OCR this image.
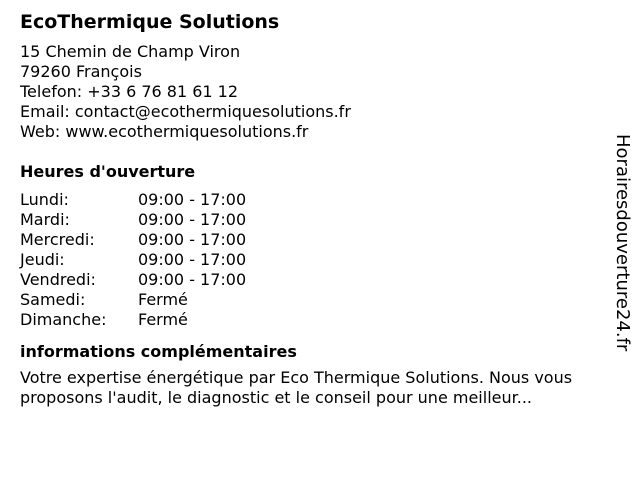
EcoThermique Solutions
15 Chemin de Champ Viron
79260 François
Telefon: +33 6 76 81 61 12
Email: contact@ecothermiquesolutions.fr
Web: www.ecothermiquesolutions.fr
Heures d'ouverture
Lundi:	09:00 - 17:00
Mardi:	09:00 - 17:00
Mercredi:	09:00 - 17:00
Jeudi:	09:00 - 17:00
Vendredi:	09:00 - 17:00
Samedi:	Fermé
Dimanche:	Fermé
informations complémentaires
Votre expertise énergétique par Eco Thermique Solutions. Nous vous
proposons l'audit, le diagnostic et le conseil pour une meilleur...
Horairesdouverture24.fr
